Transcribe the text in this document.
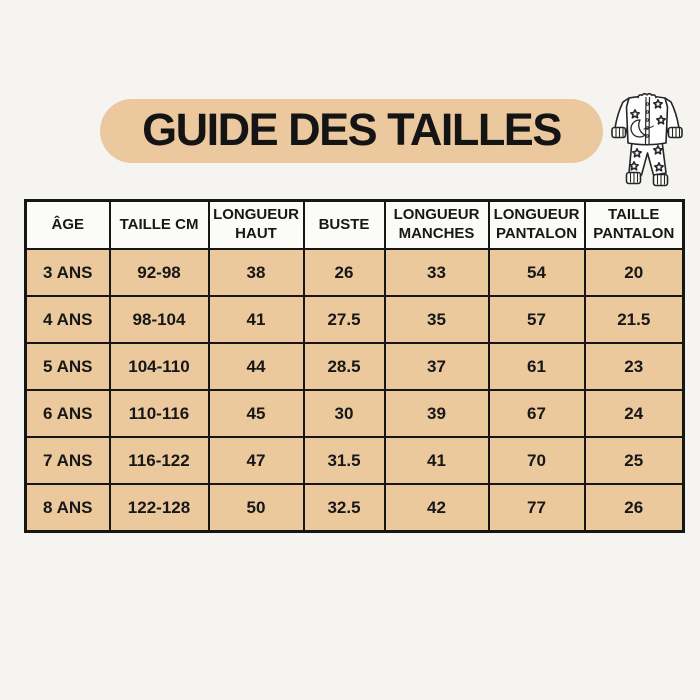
GUIDE DES TAILLES
ÂGE	TAILLE CM	LONGUEUR HAUT	BUSTE	LONGUEUR MANCHES	LONGUEUR PANTALON	TAILLE PANTALON
3 ANS	92-98	38	26	33	54	20
4 ANS	98-104	41	27.5	35	57	21.5
5 ANS	104-110	44	28.5	37	61	23
6 ANS	110-116	45	30	39	67	24
7 ANS	116-122	47	31.5	41	70	25
8 ANS	122-128	50	32.5	42	77	26
